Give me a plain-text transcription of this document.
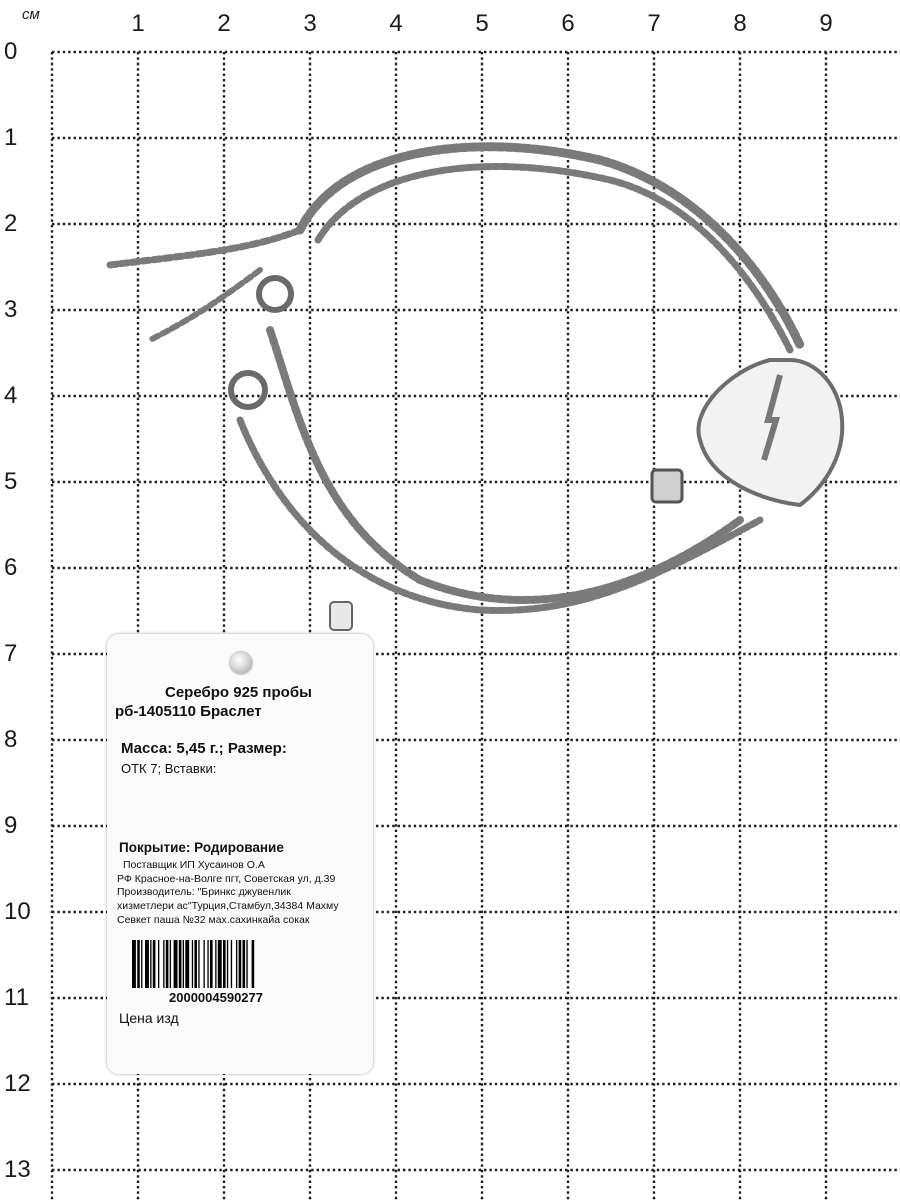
см	1	2	3	4	5	6	7	8	9
0
1
2
3
4
5
6
7
8
9
10
11
12
13
Серебро 925 пробы
рб-1405110 Браслет
Масса: 5,45 г.; Размер:
ОТК 7; Вставки:
Покрытие: Родирование
Поставщик ИП Хусаинов О.А
РФ Красное-на-Волге пгт, Советская ул, д.39
Производитель: "Бринкс джувенлик
хизметлери ас"Турция,Стамбул,34384 Махму
Севкет паша №32 мах.сахинкайа сокак
2000004590277
Цена изд
